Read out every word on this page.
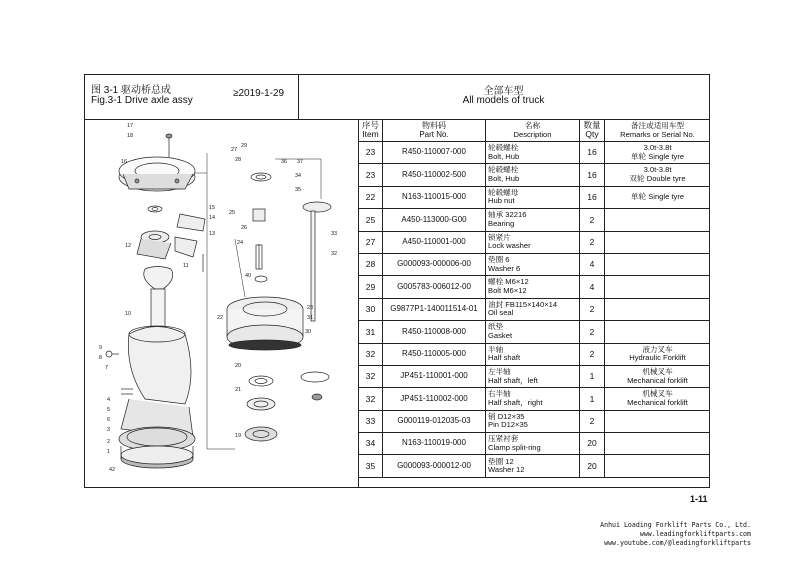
图 3-1 驱动桥总成
Fig.3-1 Drive axle assy
≥2019-1-29	全部车型
All models of truck
17
18
16
27
28
29
36 37
15
14
34
35
25
26
13
24
12
33
32
11
40
10
22
23
31
30
9
8
7	20
21
4
5
6
3
2
1
19
42
序号
Item	物料码
Part No.	名称
Description	数量
Qty	备注或适用车型
Remarks or Serial No.
23	R450-110007-000	轮毂螺栓
Bolt, Hub	16	3.0t-3.8t
单轮 Single tyre
23	R450-110002-500	轮毂螺栓
Bolt, Hub	16	3.0t-3.8t
双轮 Double tyre
22	N163-110015-000	轮毂螺母
Hub nut	16	单轮 Single tyre
25	A450-113000-G00	轴承 32216
Bearing	2	
27	A450-110001-000	锁紧片
Lock washer	2	
28	G000093-000006-00	垫圈 6
Washer 6	4	
29	G005783-006012-00	螺栓 M6×12
Bolt M6×12	4	
30	G9877P1-140011514-01	油封 FB115×140×14
Oil seal	2	
31	R450-110008-000	纸垫
Gasket	2	
32	R450-110005-000	半轴
Half shaft	2	液力叉车
Hydraulic Forklift
32	JP451-110001-000	左半轴
Half shaft，left	1	机械叉车
Mechanical forklift
32	JP451-110002-000	右半轴
Half shaft，right	1	机械叉车
Mechanical forklift
33	G000119-012035-03	销 D12×35
Pin D12×35	2	
34	N163-110019-000	压紧衬套
Clamp split-ring	20	
35	G000093-000012-00	垫圈 12
Washer 12	20	
1-11
Anhui Loading Forklift Parts Co., Ltd.
www.leadingforkliftparts.com
www.youtube.com/@leadingforkliftparts
